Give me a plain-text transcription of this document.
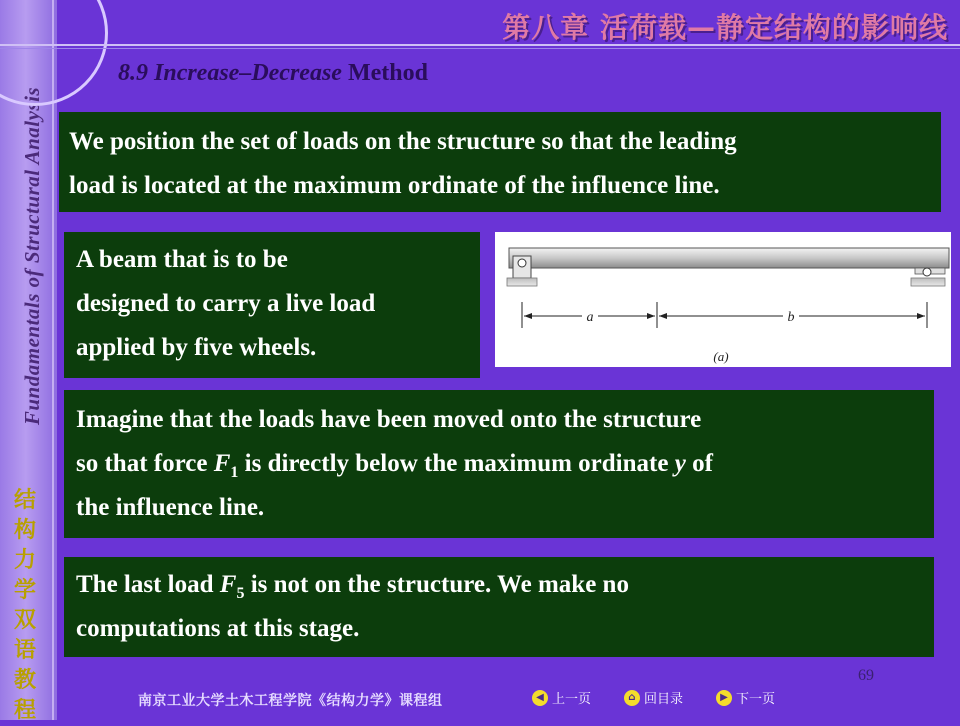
Fundamentals of Structural Analysis
结
构
力
学
双
语
教
程
第八章 活荷载—静定结构的影响线
8.9 Increase–Decrease Method

We position the set of loads on the structure so that the leading

load is located at the maximum ordinate of the influence line.

A beam that is to be

designed to carry a live load

applied by five wheels.

a	b
(a)

Imagine that the loads have been moved onto the structure

so that force $F_1$ is directly below the maximum ordinate y of

the influence line.

The last load $F_5$ is not on the structure. We make no

computations at this stage.

69
南京工业大学土木工程学院《结构力学》课程组	◀ 上一页	⌂ 回目录	▶ 下一页
